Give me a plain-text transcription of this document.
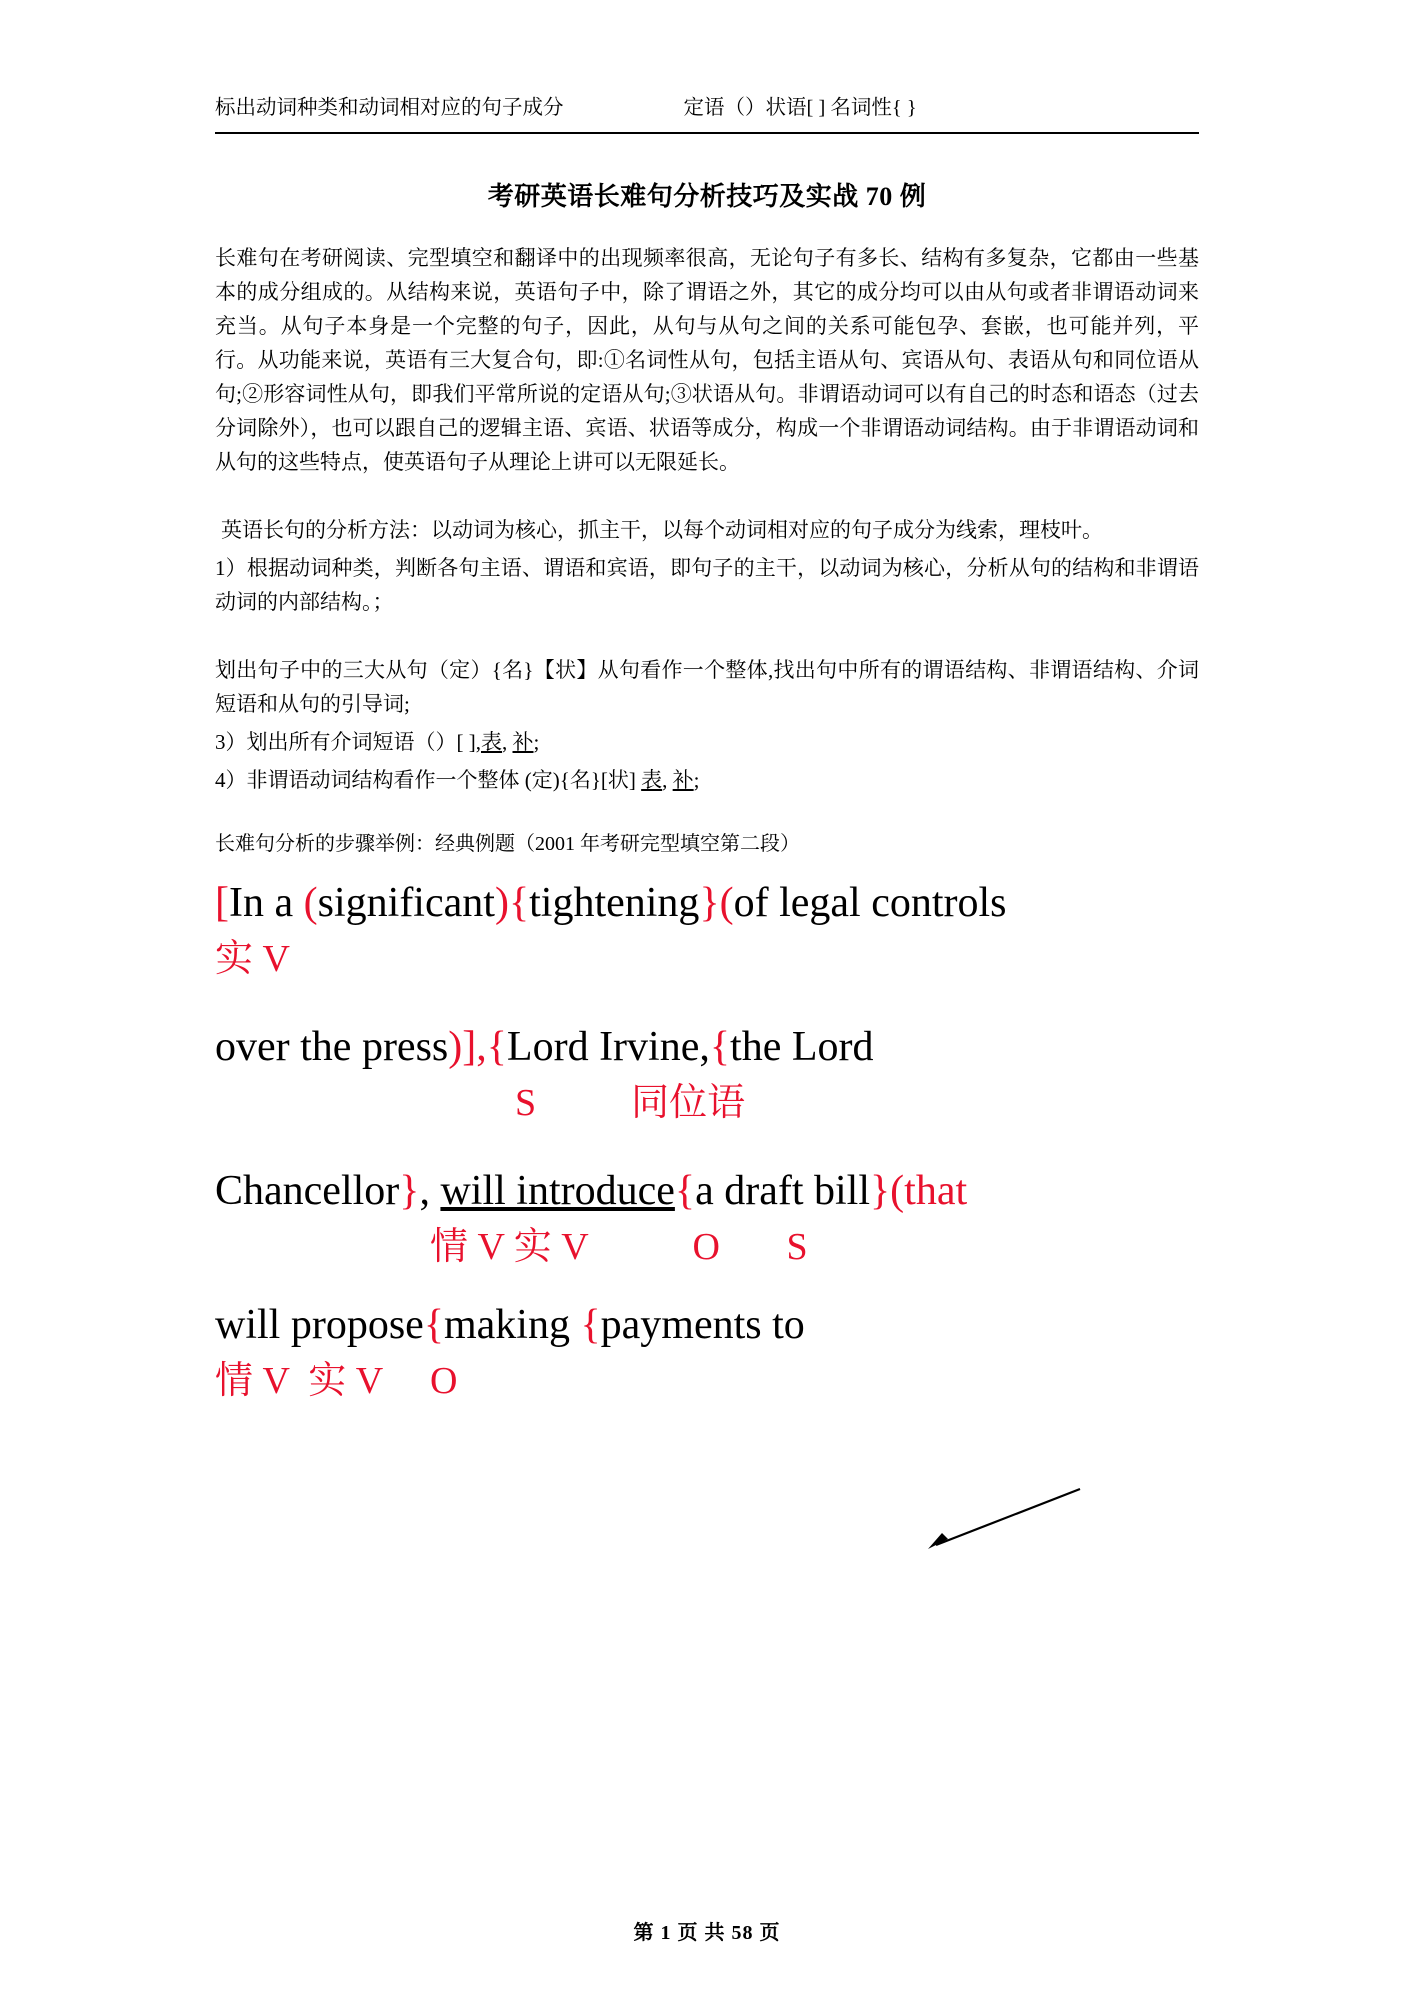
标出动词种类和动词相对应的句子成分	定语（）状语[ ] 名词性{ }
考研英语长难句分析技巧及实战 70 例
长难句在考研阅读、完型填空和翻译中的出现频率很高，无论句子有多长、结构有多复杂，它都由一些基本的成分组成的。从结构来说，英语句子中，除了谓语之外，其它的成分均可以由从句或者非谓语动词来充当。从句子本身是一个完整的句子，因此，从句与从句之间的关系可能包孕、套嵌，也可能并列，平行。从功能来说，英语有三大复合句，即:①名词性从句，包括主语从句、宾语从句、表语从句和同位语从句;②形容词性从句，即我们平常所说的定语从句;③状语从句。非谓语动词可以有自己的时态和语态（过去分词除外），也可以跟自己的逻辑主语、宾语、状语等成分，构成一个非谓语动词结构。由于非谓语动词和从句的这些特点，使英语句子从理论上讲可以无限延长。
英语长句的分析方法：以动词为核心，抓主干，以每个动词相对应的句子成分为线索，理枝叶。
1）根据动词种类，判断各句主语、谓语和宾语，即句子的主干，以动词为核心，分析从句的结构和非谓语动词的内部结构。；
划出句子中的三大从句（定）{名}【状】从句看作一个整体,找出句中所有的谓语结构、非谓语结构、介词短语和从句的引导词;
3）划出所有介词短语（）[ ],表, 补;
4）非谓语动词结构看作一个整体 (定){名}[状] 表, 补;
长难句分析的步骤举例：经典例题（2001 年考研完型填空第二段）
[In a (significant){tightening}(of legal controls
实 V
over the press)],{Lord Irvine,{the Lord
S          同位语
Chancellor}, will introduce{a draft bill}(that
情 V 实 V           O       S
will propose{making {payments to
情 V  实 V     O
第 1 页 共 58 页
